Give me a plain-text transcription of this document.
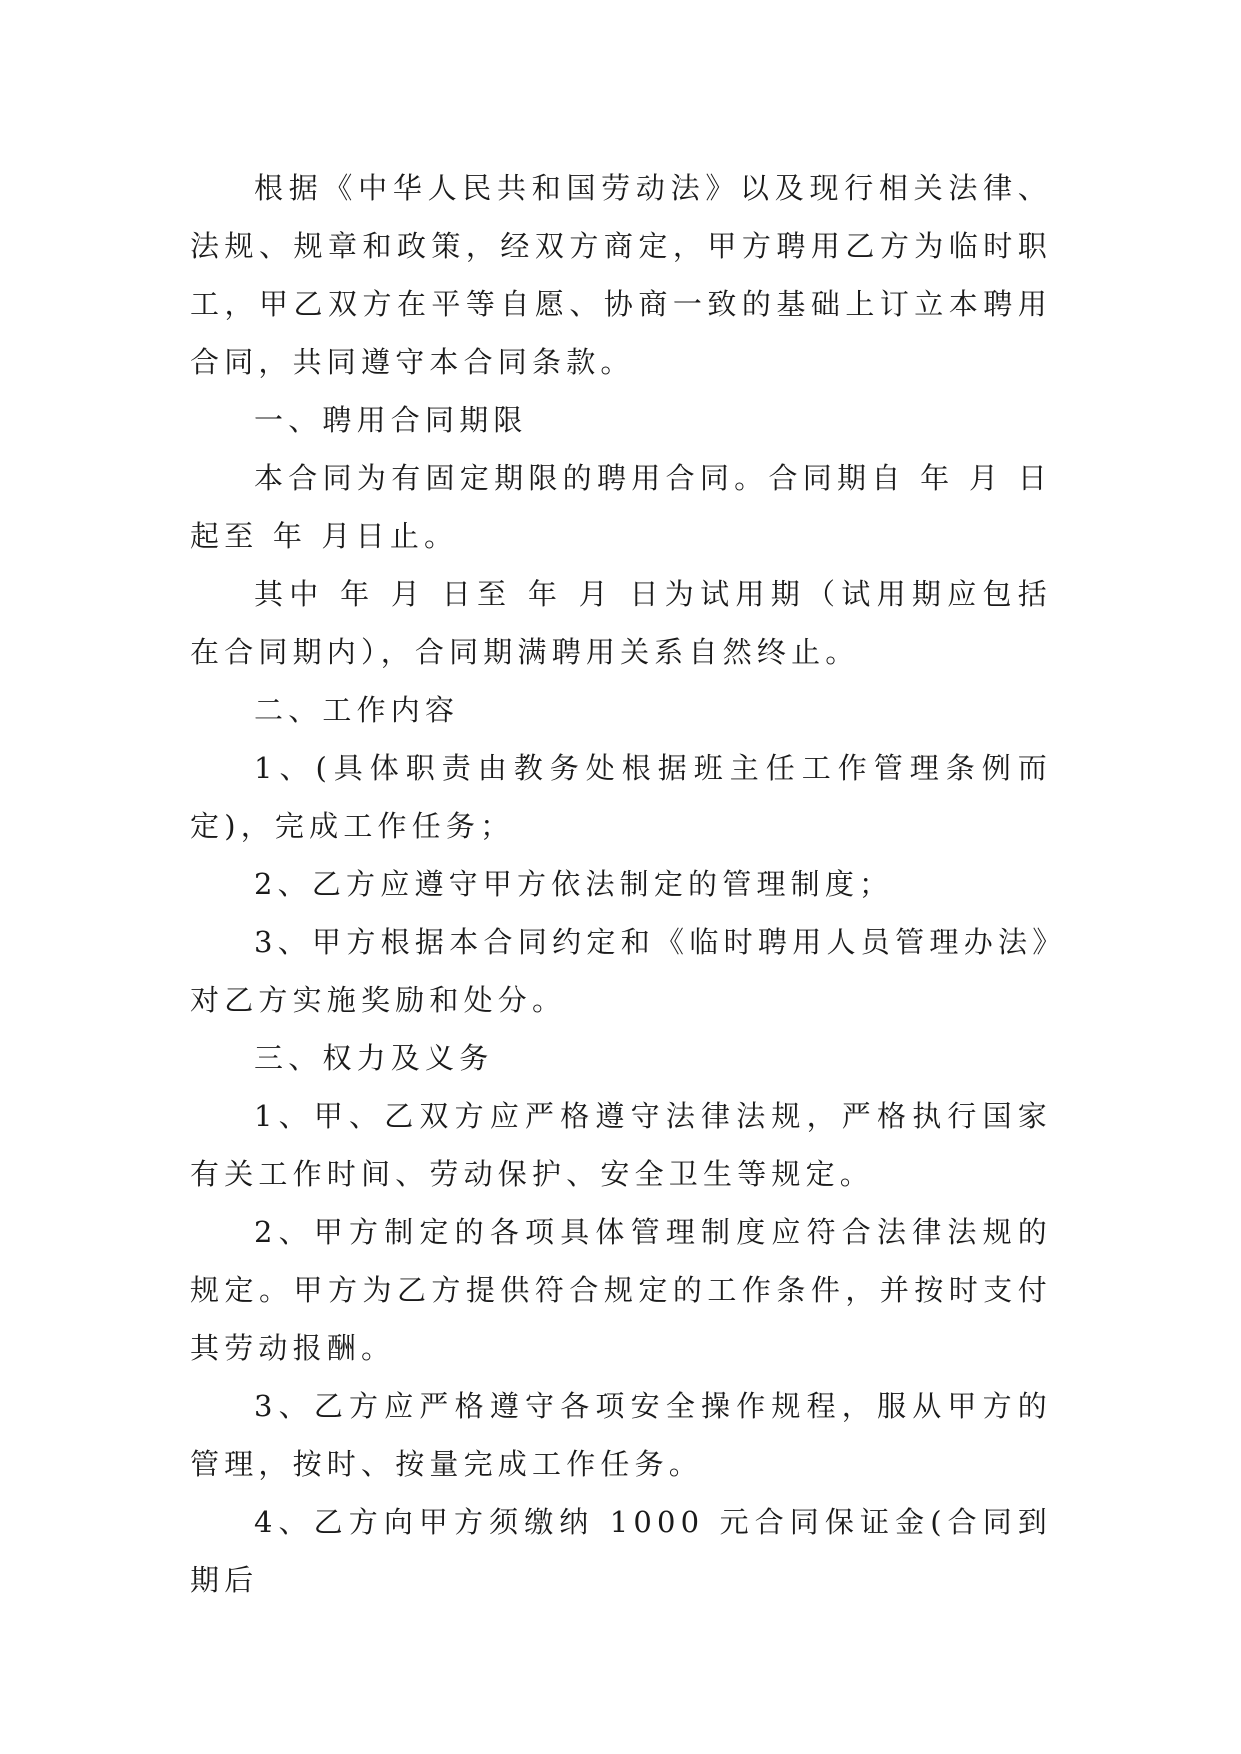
根据《中华人民共和国劳动法》以及现行相关法律、法规、规章和政策，经双方商定，甲方聘用乙方为临时职工，甲乙双方在平等自愿、协商一致的基础上订立本聘用合同，共同遵守本合同条款。

一、聘用合同期限

本合同为有固定期限的聘用合同。合同期自 年 月 日起至 年 月日止。

其中 年 月 日至 年 月 日为试用期（试用期应包括在合同期内），合同期满聘用关系自然终止。

二、工作内容

1、(具体职责由教务处根据班主任工作管理条例而定)，完成工作任务；

2、乙方应遵守甲方依法制定的管理制度；

3、甲方根据本合同约定和《临时聘用人员管理办法》对乙方实施奖励和处分。

三、权力及义务

1、甲、乙双方应严格遵守法律法规，严格执行国家有关工作时间、劳动保护、安全卫生等规定。

2、甲方制定的各项具体管理制度应符合法律法规的规定。甲方为乙方提供符合规定的工作条件，并按时支付其劳动报酬。

3、乙方应严格遵守各项安全操作规程，服从甲方的管理，按时、按量完成工作任务。

4、乙方向甲方须缴纳 1000 元合同保证金(合同到期后
